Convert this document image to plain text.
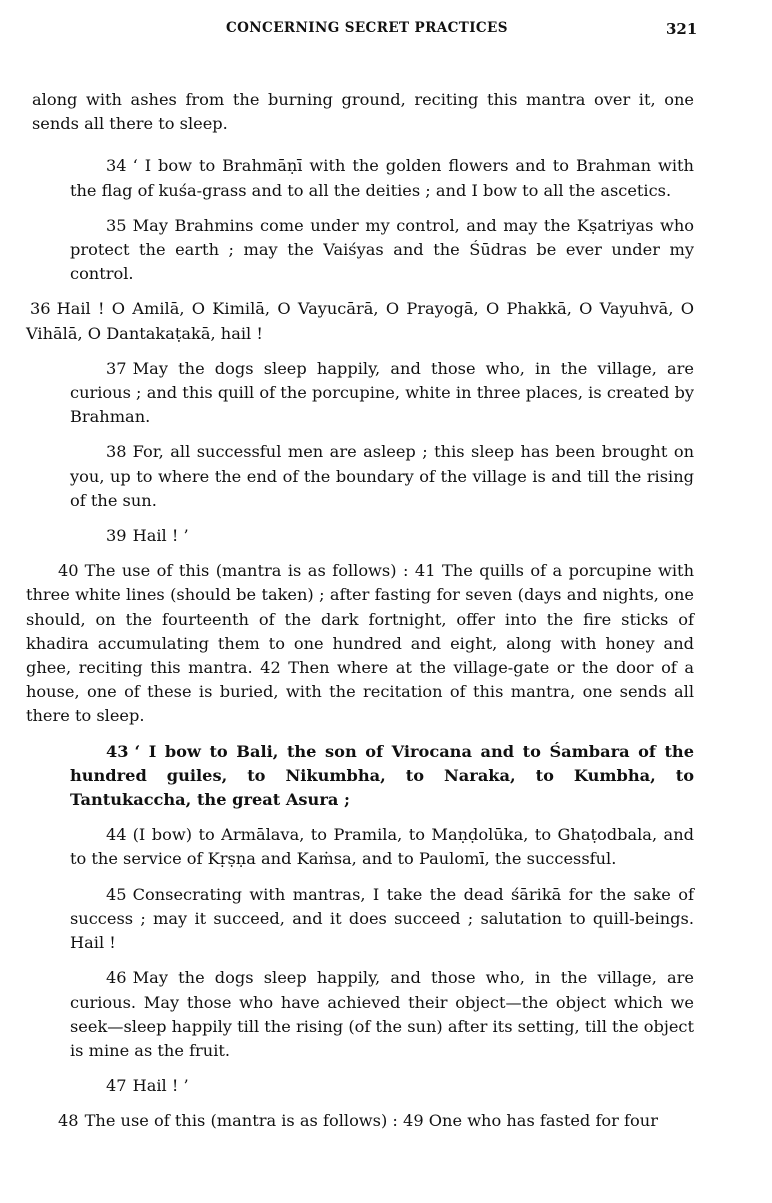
CONCERNING SECRET PRACTICES	321

along with ashes from the burning ground, reciting this mantra over it, one sends all there to sleep.

34 ‘ I bow to Brahmāṇī with the golden flowers and to Brahman with the flag of kuśa-grass and to all the deities ; and I bow to all the ascetics.

35 May Brahmins come under my control, and may the Kṣatriyas who protect the earth ; may the Vaiśyas and the Śūdras be ever under my control.

36 Hail ! O Amilā, O Kimilā, O Vayucārā, O Prayogā, O Phakkā, O Vayuhvā, O Vihālā, O Dantakaṭakā, hail !

37 May the dogs sleep happily, and those who, in the village, are curious ; and this quill of the porcupine, white in three places, is created by Brahman.

38 For, all successful men are asleep ; this sleep has been brought on you, up to where the end of the boundary of the village is and till the rising of the sun.

39 Hail ! ’

40 The use of this (mantra is as follows) : 41 The quills of a porcupine with three white lines (should be taken) ; after fasting for seven (days and nights, one should, on the fourteenth of the dark fortnight, offer into the fire sticks of khadira accumulating them to one hundred and eight, along with honey and ghee, reciting this mantra. 42 Then where at the village-gate or the door of a house, one of these is buried, with the recitation of this mantra, one sends all there to sleep.

43 ‘ I bow to Bali, the son of Virocana and to Śambara of the hundred guiles, to Nikumbha, to Naraka, to Kumbha, to Tantukaccha, the great Asura ;

44 (I bow) to Armālava, to Pramila, to Maṇḍolūka, to Ghaṭodbala, and to the service of Kṛṣṇa and Kaṁsa, and to Paulomī, the successful.

45 Consecrating with mantras, I take the dead śārikā for the sake of success ; may it succeed, and it does succeed ; salutation to quill-beings. Hail !

46 May the dogs sleep happily, and those who, in the village, are curious. May those who have achieved their object—the object which we seek—sleep happily till the rising (of the sun) after its setting, till the object is mine as the fruit.

47 Hail ! ’

48 The use of this (mantra is as follows) : 49 One who has fasted for four
